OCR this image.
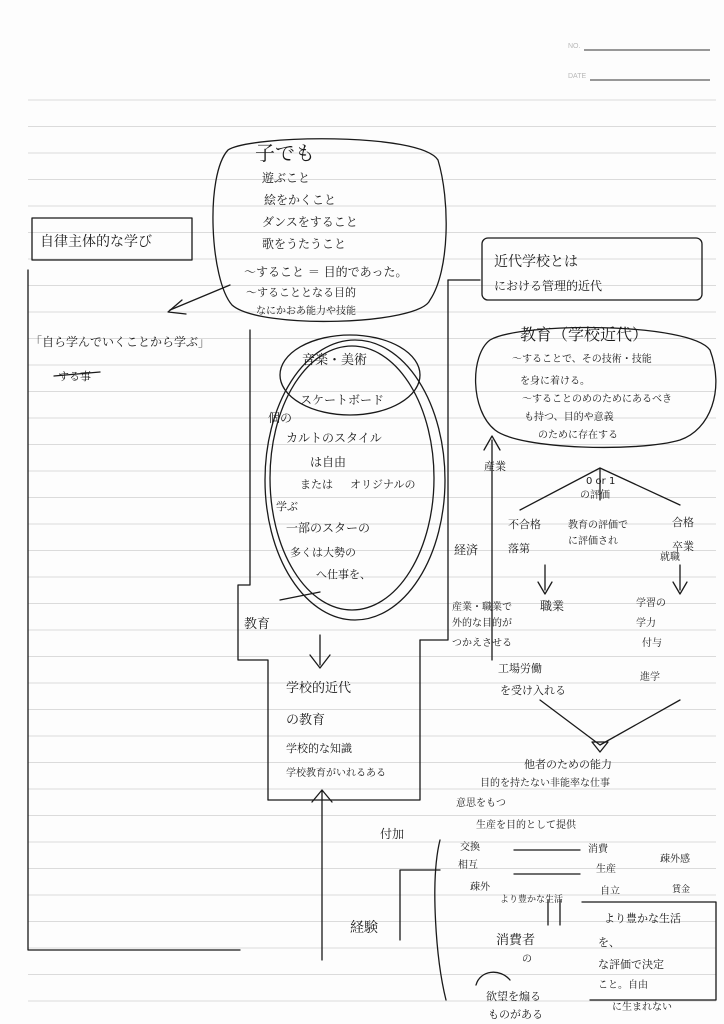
NO.
DATE
子でも
遊ぶこと
絵をかくこと
ダンスをすること
歌をうたうこと
～すること ＝ 目的であった。
～することとなる目的
なにかおあ能力や技能
自律主体的な学び
「自ら学んでいくことから学ぶ」
する事
音楽・美術
スケートボード
個の
カルトのスタイル
は自由
または オリジナルの
一部のスターの
多くは大勢の
へ仕事を、
学ぶ
教育
学校的近代
の教育
学校的な知識
学校教育がいれるある
近代学校とは
における管理的近代
教育（学校近代）
～することで、その技術・技能
を身に着ける。
～することのめのためにあるべき
も持つ、目的や意義
のために存在する
0 or 1
の評価
産業
不合格
落第
教育の評価で
に評価され
合格
卒業
職業
経済
産業・職業で
外的な目的が
つかえさせる
工場労働
を受け入れる
学習の
学力
付与
進学
就職
他者のための能力
目的を持たない非能率な仕事
意思をもつ
生産を目的として提供
交換
相互
消費
生産
疎外	自立
疎外感
賃金
より豊かな生活
より豊かな生活
を、
な評価で決定
こと。自由
に生まれない
付加
経験
消費者
の
欲望を煽る
ものがある
